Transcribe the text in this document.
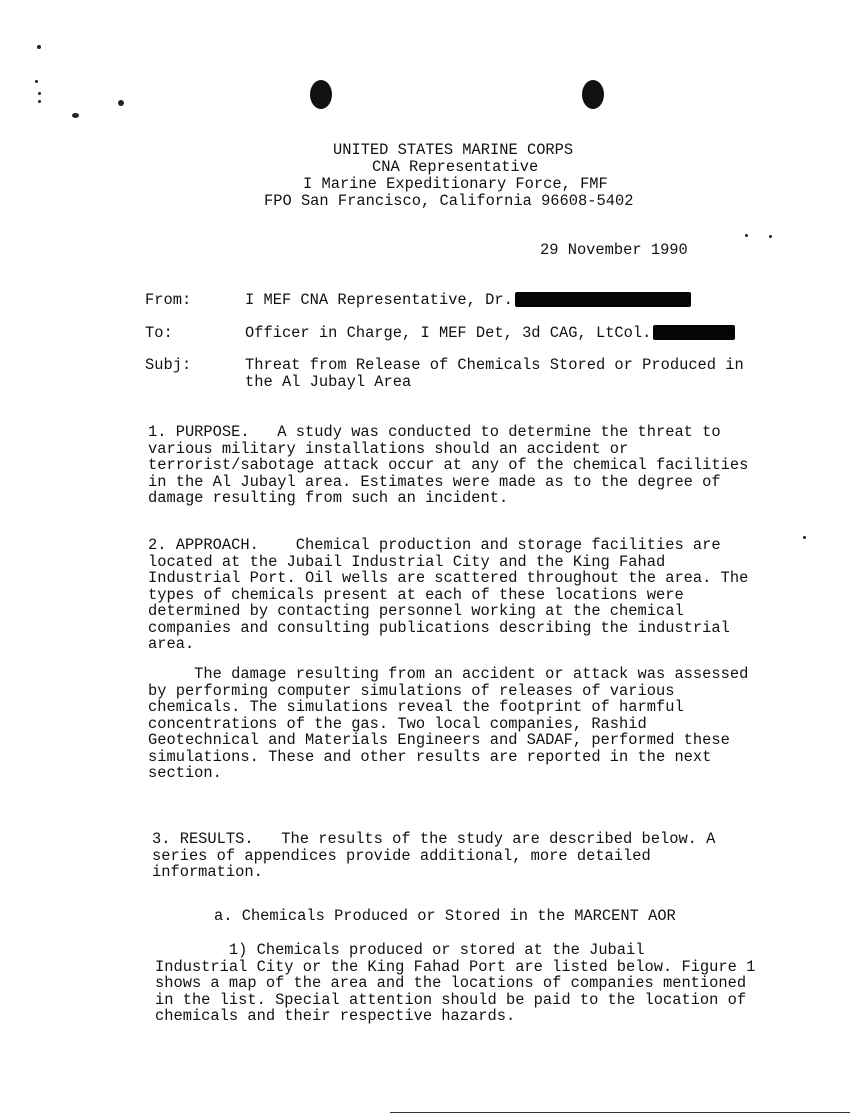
UNITED STATES MARINE CORPS
CNA Representative
I Marine Expeditionary Force, FMF
FPO San Francisco, California 96608-5402
29 November 1990
From:	I MEF CNA Representative, Dr.
To:	Officer in Charge, I MEF Det, 3d CAG, LtCol.
Subj:	Threat from Release of Chemicals Stored or Produced in
the Al Jubayl Area
1. PURPOSE.   A study was conducted to determine the threat to
various military installations should an accident or
terrorist/sabotage attack occur at any of the chemical facilities
in the Al Jubayl area. Estimates were made as to the degree of
damage resulting from such an incident.
2. APPROACH.    Chemical production and storage facilities are
located at the Jubail Industrial City and the King Fahad
Industrial Port. Oil wells are scattered throughout the area. The
types of chemicals present at each of these locations were
determined by contacting personnel working at the chemical
companies and consulting publications describing the industrial
area.
The damage resulting from an accident or attack was assessed
by performing computer simulations of releases of various
chemicals. The simulations reveal the footprint of harmful
concentrations of the gas. Two local companies, Rashid
Geotechnical and Materials Engineers and SADAF, performed these
simulations. These and other results are reported in the next
section.
3. RESULTS.   The results of the study are described below. A
series of appendices provide additional, more detailed
information.
a. Chemicals Produced or Stored in the MARCENT AOR
1) Chemicals produced or stored at the Jubail
Industrial City or the King Fahad Port are listed below. Figure 1
shows a map of the area and the locations of companies mentioned
in the list. Special attention should be paid to the location of
chemicals and their respective hazards.
